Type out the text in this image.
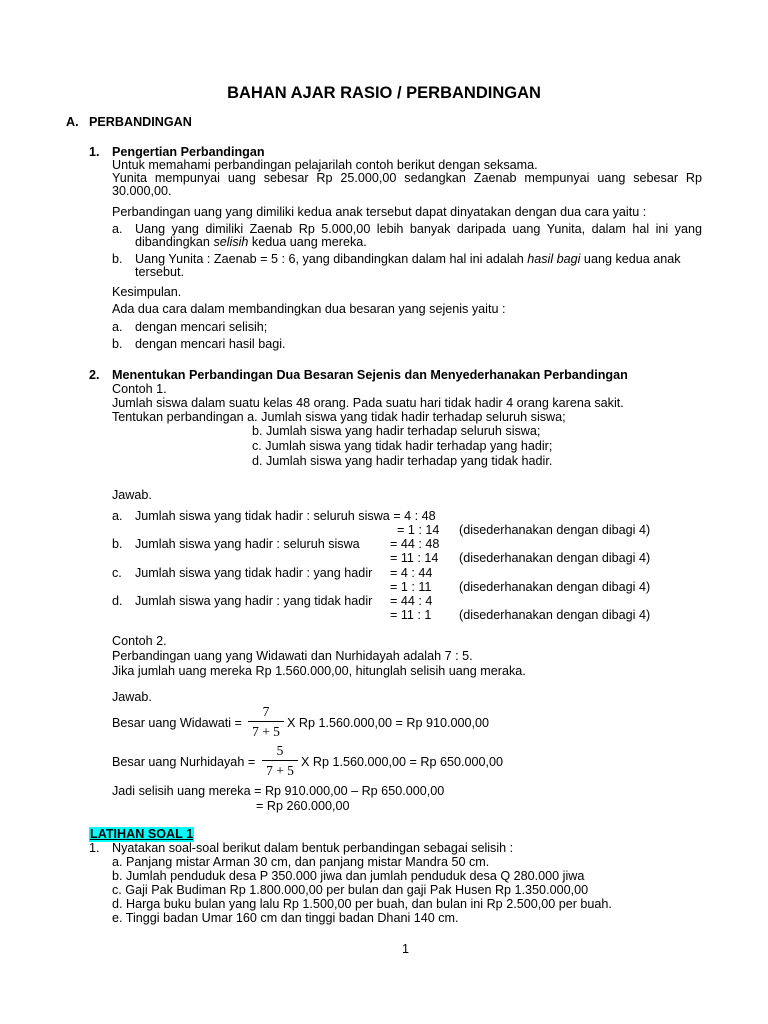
BAHAN AJAR RASIO / PERBANDINGAN
A. PERBANDINGAN
1. Pengertian Perbandingan
Untuk memahami perbandingan pelajarilah contoh berikut dengan seksama.
Yunita mempunyai uang sebesar Rp 25.000,00 sedangkan Zaenab mempunyai uang sebesar Rp
30.000,00.
Perbandingan uang yang dimiliki kedua anak tersebut dapat dinyatakan dengan dua cara yaitu :
a. Uang yang dimiliki Zaenab Rp 5.000,00 lebih banyak daripada uang Yunita, dalam hal ini yang
dibandingkan selisih kedua uang mereka.
b. Uang Yunita : Zaenab = 5 : 6, yang dibandingkan dalam hal ini adalah hasil bagi uang kedua anak
tersebut.
Kesimpulan.
Ada dua cara dalam membandingkan dua besaran yang sejenis yaitu :
a. dengan mencari selisih;
b. dengan mencari hasil bagi.
2. Menentukan Perbandingan Dua Besaran Sejenis dan Menyederhanakan Perbandingan
Contoh 1.
Jumlah siswa dalam suatu kelas 48 orang. Pada suatu hari tidak hadir 4 orang karena sakit.
Tentukan perbandingan a. Jumlah siswa yang tidak hadir terhadap seluruh siswa;
b. Jumlah siswa yang hadir terhadap seluruh siswa;
c. Jumlah siswa yang tidak hadir terhadap yang hadir;
d. Jumlah siswa yang hadir terhadap yang tidak hadir.
Jawab.
a. Jumlah siswa yang tidak hadir : seluruh siswa = 4 : 48
= 1 : 14 (disederhanakan dengan dibagi 4)
b. Jumlah siswa yang hadir : seluruh siswa = 44 : 48
= 11 : 14 (disederhanakan dengan dibagi 4)
c. Jumlah siswa yang tidak hadir : yang hadir = 4 : 44
= 1 : 11 (disederhanakan dengan dibagi 4)
d. Jumlah siswa yang hadir : yang tidak hadir = 44 : 4
= 11 : 1 (disederhanakan dengan dibagi 4)
Contoh 2.
Perbandingan uang yang Widawati dan Nurhidayah adalah 7 : 5.
Jika jumlah uang mereka Rp 1.560.000,00, hitunglah selisih uang meraka.
Jawab.
Besar uang Widawati =
7
7 + 5
X Rp 1.560.000,00 = Rp 910.000,00
Besar uang Nurhidayah =
5
7 + 5
X Rp 1.560.000,00 = Rp 650.000,00
Jadi selisih uang mereka = Rp 910.000,00 – Rp 650.000,00
= Rp 260.000,00
LATIHAN SOAL 1
1. Nyatakan soal-soal berikut dalam bentuk perbandingan sebagai selisih :
a. Panjang mistar Arman 30 cm, dan panjang mistar Mandra 50 cm.
b. Jumlah penduduk desa P 350.000 jiwa dan jumlah penduduk desa Q 280.000 jiwa
c. Gaji Pak Budiman Rp 1.800.000,00 per bulan dan gaji Pak Husen Rp 1.350.000,00
d. Harga buku bulan yang lalu Rp 1.500,00 per buah, dan bulan ini Rp 2.500,00 per buah.
e. Tinggi badan Umar 160 cm dan tinggi badan Dhani 140 cm.
1
